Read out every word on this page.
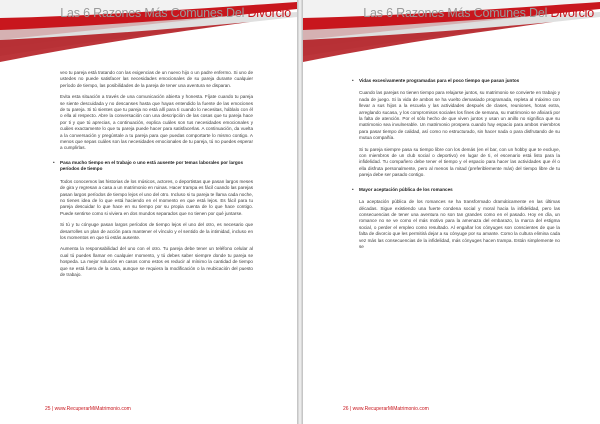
Las 6 Razones Más Comunes Del Divorcio

veo tu pareja está tratando con las exigencias de un nuevo hijo o un padre enfermo. Si uno de ustedes no puede satisfacer las necesidades emocionales de su pareja durante cualquier período de tiempo, las posibilidades de la pareja de tener una aventura se disparan.

Evita esta situación a través de una comunicación abierta y honesta. Fíjate cuando tu pareja se siente descuidada y no descanses hasta que hayas entendido la fuente de las emociones de tu pareja. Si tú sientes que tu pareja no está allí para ti cuando lo necesitas, háblalo con él o ella al respecto. Abre la conversación con una descripción de las cosas que tu pareja hace por ti y que tú aprecias, a continuación, explica cuáles son tus necesidades emocionales y cuáles exactamente lo que tu pareja puede hacer para satisfacerlas. A continuación, da vuelta a la conversación y pregúntale a tu pareja para que puedas comportarte lo mismo contigo. A menos que sepas cuáles son las necesidades emocionales de tu pareja, tú no puedes esperar a cumplirlas.

• Pasa mucho tiempo en el trabajo o uno está ausente por temas laborales por largos períodos de tiempo

Todos conocemos las historias de los músicos, actores, o deportistas que pasan largos meses de gira y regresan a casa a un matrimonio en ruinas. Hacer trampa es fácil cuando las parejas pasan largos períodos de tiempo lejos el uno del otro. Incluso si tu pareja te llama cada noche, no tienes idea de lo que está haciendo en el momento en que está lejos. Es fácil para tu pareja descuidar lo que hace en su tiempo por su propia cuenta de lo que hace contigo. Puede sentirse como si viviera en dos mundos separados que no tienen por qué juntarse.

Si tú y tu cónyuge pasan largos períodos de tiempo lejos el uno del otro, es necesario que desarrolles un plan de acción para mantener el vínculo y el sentido de la intimidad, incluso en los momentos en que tú estás ausente.

Aumenta la responsabilidad del uno con el otro. Tu pareja debe tener un teléfono celular al cual tú puedes llamar en cualquier momento, y tú debes saber siempre donde tu pareja se hospeda. La mejor solución en casos como estos es reducir al mínimo la cantidad de tiempo que se está fuera de la casa, aunque se requiera la modificación o la reubicación del puesto de trabajo.

25 | www.RecuperarMiMatrimonio.com
Las 6 Razones Más Comunes Del Divorcio
• Vidas excesivamente programadas para el poco tiempo que pasan juntos

Cuando las parejas no tienen tiempo para relajarse juntos, su matrimonio se convierte en trabajo y nada de juego. Si la vida de ambos se ha vuelto demasiado programada, repleta al máximo con llevar a sus hijos a la escuela y las actividades después de clases, reuniones, horas extra, arreglando sucasa, y los compromisos sociales los fines de semana, su matrimonio se afixiará por la falta de atención. Por el sólo hecho de que viven juntos y usan un anillo no significa que su matrimonio sea invulnerable. Un matrimonio prospera cuando hay espacio para ambos miembros para pasar tiempo de calidad, así como no estructurado, sin hacer nada o para disfrutando de su mutua compañía.

Si tu pareja siempre pasa su tiempo libre con los demás (en el bar, con un hobby que te excluye, con miembros de un club social o deportivo) en lugar de ti, el escenario está listo para la infidelidad. Tu compañero debe tener el tiempo y el espacio para hacer las actividades que él o ella disfruta personalmente, pero al menos la mitad (preferiblemente más) del tiempo libre de tu pareja debe ser pasado contigo.

• Mayor aceptación pública de los romances

La aceptación pública de los romances se ha transformado dramáticamente en las últimas décadas. Sigue existiendo una fuerte condena social y moral hacia la infidelidad, pero las consecuencias de tener una aventura no son tan grandes como en el pasado. Hoy en día, un romance no se ve como el más motivo para la amenaza del embarazo, la marca del estigma social, o perder el empleo como resultado. Al engañar los cónyuges son conscientes de que la falta de divorcio que les permitirá dejar a su cónyuge por su amante. Como la cultura elimina cada vez más las consecuencias de la infidelidad, más cónyuges hacen trampa. Están simplemente no se

26 | www.RecuperarMiMatrimonio.com
